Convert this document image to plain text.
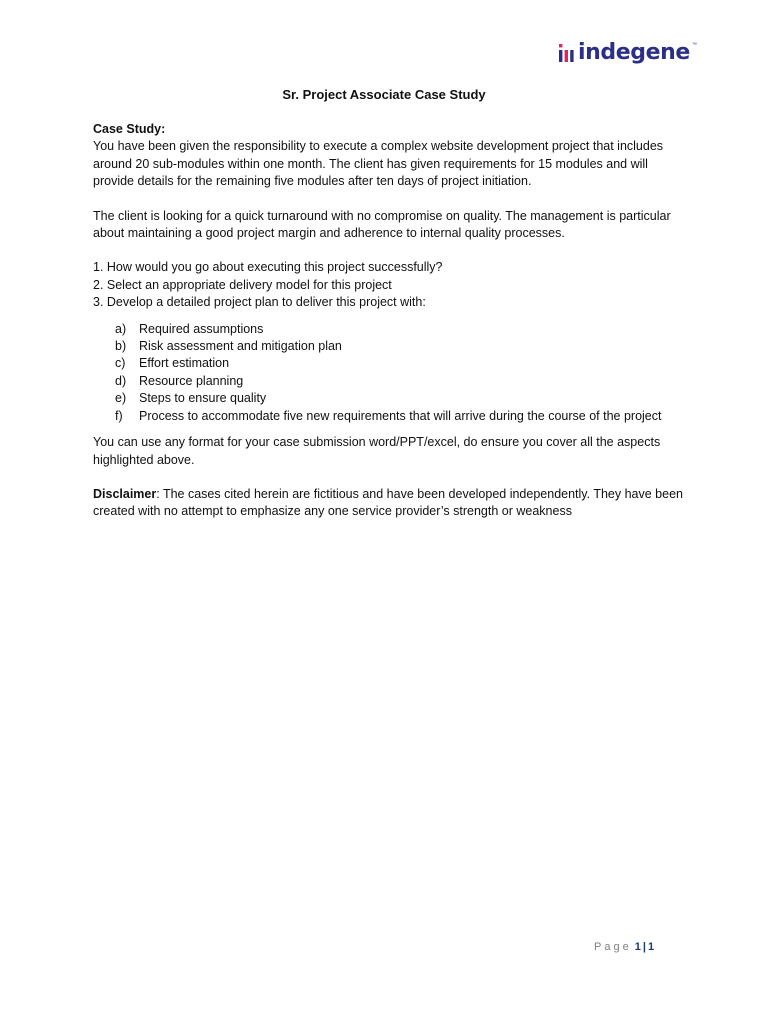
indegene ™
Sr. Project Associate Case Study

Case Study:

You have been given the responsibility to execute a complex website development project that includes around 20 sub-modules within one month. The client has given requirements for 15 modules and will provide details for the remaining five modules after ten days of project initiation.

The client is looking for a quick turnaround with no compromise on quality. The management is particular about maintaining a good project margin and adherence to internal quality processes.

1. How would you go about executing this project successfully?
2. Select an appropriate delivery model for this project
3. Develop a detailed project plan to deliver this project with:
a)	Required assumptions
b)	Risk assessment and mitigation plan
c)	Effort estimation
d)	Resource planning
e)	Steps to ensure quality
f)	Process to accommodate five new requirements that will arrive during the course of the project

You can use any format for your case submission word/PPT/excel, do ensure you cover all the aspects highlighted above.

Disclaimer: The cases cited herein are fictitious and have been developed independently. They have been created with no attempt to emphasize any one service provider’s strength or weakness

Page 1 | 1
